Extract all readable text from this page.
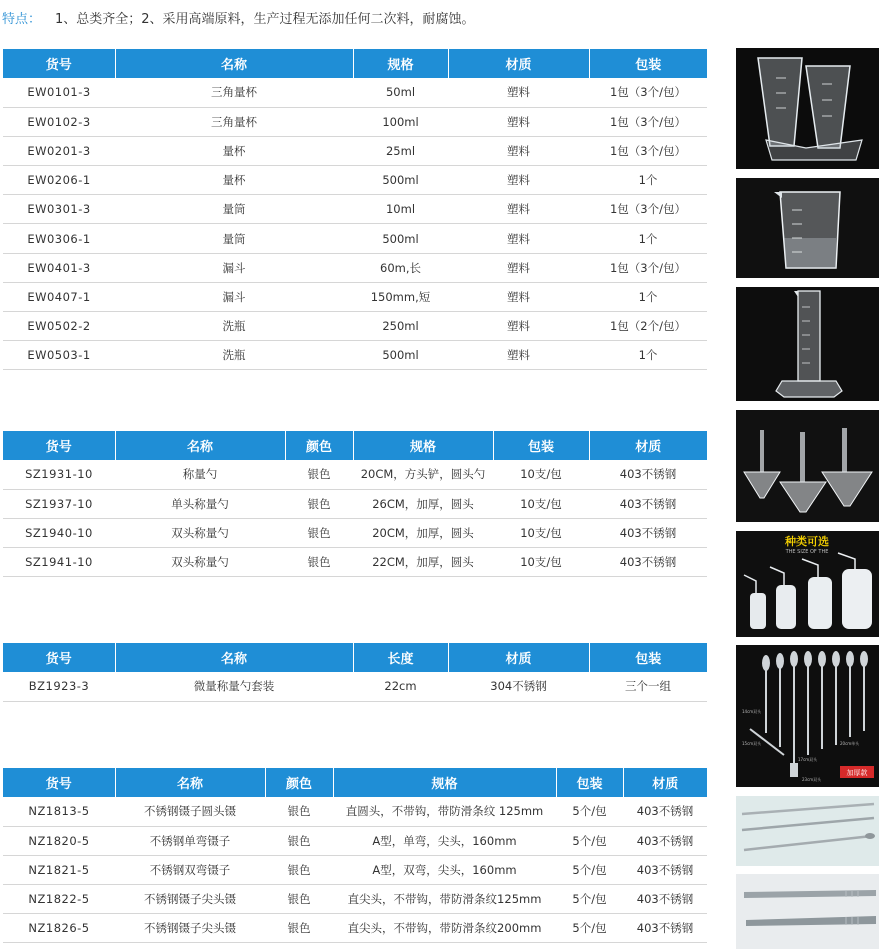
特点： 1、总类齐全；2、采用高端原料，生产过程无添加任何二次料，耐腐蚀。
货号	名称	规格	材质	包装
EW0101-3	三角量杯	50ml	塑料	1包（3个/包）
EW0102-3	三角量杯	100ml	塑料	1包（3个/包）
EW0201-3	量杯	25ml	塑料	1包（3个/包）
EW0206-1	量杯	500ml	塑料	1个
EW0301-3	量筒	10ml	塑料	1包（3个/包）
EW0306-1	量筒	500ml	塑料	1个
EW0401-3	漏斗	60m,长	塑料	1包（3个/包）
EW0407-1	漏斗	150mm,短	塑料	1个
EW0502-2	洗瓶	250ml	塑料	1包（2个/包）
EW0503-1	洗瓶	500ml	塑料	1个
货号	名称	颜色	规格	包装	材质
SZ1931-10	称量勺	银色	20CM，方头铲，圆头勺	10支/包	403不锈钢
SZ1937-10	单头称量勺	银色	26CM，加厚，圆头	10支/包	403不锈钢
SZ1940-10	双头称量勺	银色	20CM，加厚，圆头	10支/包	403不锈钢
SZ1941-10	双头称量勺	银色	22CM，加厚，圆头	10支/包	403不锈钢
货号	名称	长度	材质	包装
BZ1923-3	微量称量勺套装	22cm	304不锈钢	三个一组
货号	名称	颜色	规格	包装	材质
NZ1813-5	不锈钢镊子圆头镊	银色	直圆头，不带钩，带防滑条纹 125mm	5个/包	403不锈钢
NZ1820-5	不锈钢单弯镊子	银色	A型，单弯，尖头，160mm	5个/包	403不锈钢
NZ1821-5	不锈钢双弯镊子	银色	A型，双弯，尖头，160mm	5个/包	403不锈钢
NZ1822-5	不锈钢镊子尖头镊	银色	直尖头，不带钩，带防滑条纹125mm	5个/包	403不锈钢
NZ1826-5	不锈钢镊子尖头镊	银色	直尖头，不带钩，带防滑条纹200mm	5个/包	403不锈钢
种类可选
THE SIZE OF THE
14cm双头
15cm双头
17cm双头
20cm单头
23cm双头
加厚款
